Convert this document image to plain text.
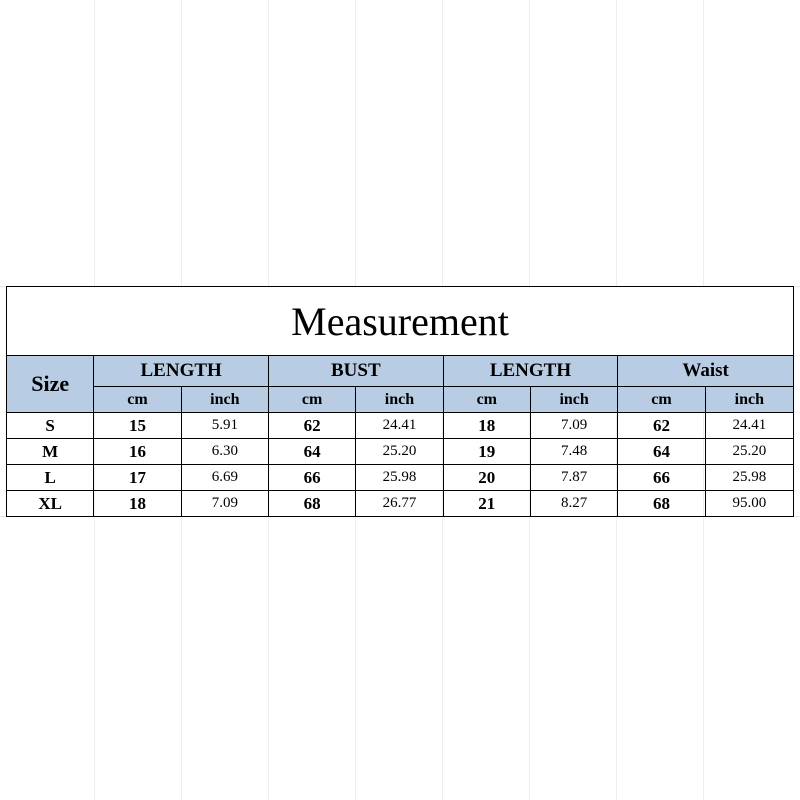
Measurement								
Size	LENGTH		BUST		LENGTH		Waist	
	cm	inch	cm	inch	cm	inch	cm	inch
S	15	5.91	62	24.41	18	7.09	62	24.41
M	16	6.30	64	25.20	19	7.48	64	25.20
L	17	6.69	66	25.98	20	7.87	66	25.98
XL	18	7.09	68	26.77	21	8.27	68	95.00
